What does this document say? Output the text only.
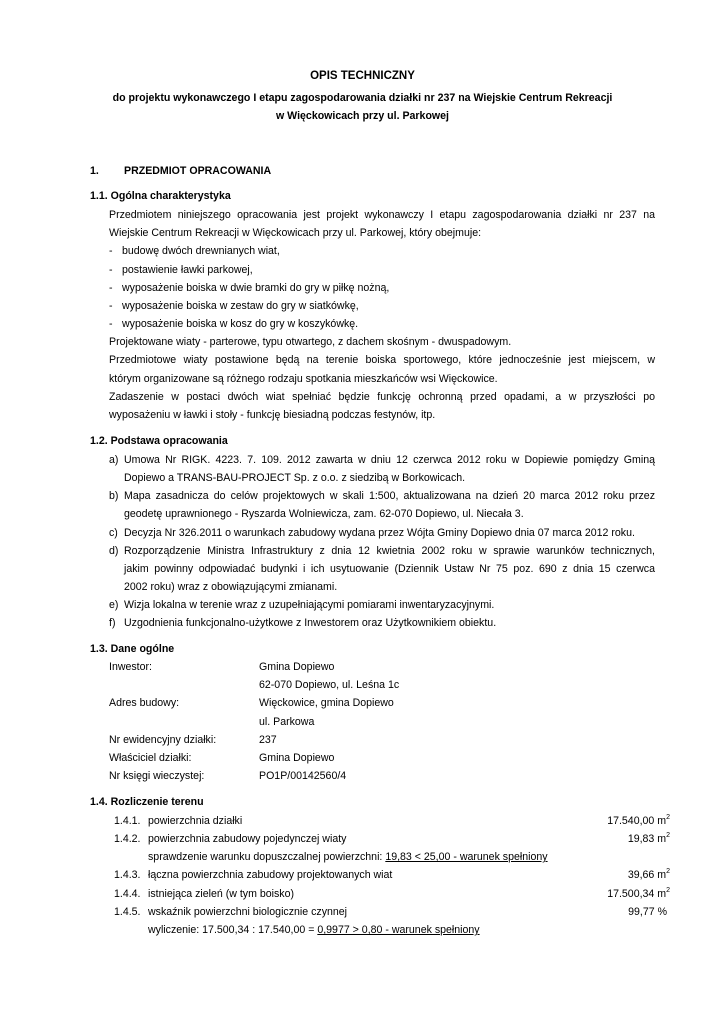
OPIS TECHNICZNY
do projektu wykonawczego I etapu zagospodarowania działki nr 237 na Wiejskie Centrum Rekreacji
w Więckowicach przy ul. Parkowej
1. PRZEDMIOT OPRACOWANIA
1.1. Ogólna charakterystyka
Przedmiotem niniejszego opracowania jest projekt wykonawczy I etapu zagospodarowania działki nr 237 na
Wiejskie Centrum Rekreacji w Więckowicach przy ul. Parkowej, który obejmuje:
- budowę dwóch drewnianych wiat,
- postawienie ławki parkowej,
- wyposażenie boiska w dwie bramki do gry w piłkę nożną,
- wyposażenie boiska w zestaw do gry w siatkówkę,
- wyposażenie boiska w kosz do gry w koszykówkę.
Projektowane wiaty - parterowe, typu otwartego, z dachem skośnym - dwuspadowym.
Przedmiotowe wiaty postawione będą na terenie boiska sportowego, które jednocześnie jest miejscem, w
którym organizowane są różnego rodzaju spotkania mieszkańców wsi Więckowice.
Zadaszenie w postaci dwóch wiat spełniać będzie funkcję ochronną przed opadami, a w przyszłości po
wyposażeniu w ławki i stoły - funkcję biesiadną podczas festynów, itp.
1.2. Podstawa opracowania
a) Umowa Nr RIGK. 4223. 7. 109. 2012 zawarta w dniu 12 czerwca 2012 roku w Dopiewie pomiędzy Gminą
Dopiewo a TRANS-BAU-PROJECT Sp. z o.o. z siedzibą w Borkowicach.
b) Mapa zasadnicza do celów projektowych w skali 1:500, aktualizowana na dzień 20 marca 2012 roku przez
geodetę uprawnionego - Ryszarda Wolniewicza, zam. 62-070 Dopiewo, ul. Niecała 3.
c) Decyzja Nr 326.2011 o warunkach zabudowy wydana przez Wójta Gminy Dopiewo dnia 07 marca 2012 roku.
d) Rozporządzenie Ministra Infrastruktury z dnia 12 kwietnia 2002 roku w sprawie warunków technicznych,
jakim powinny odpowiadać budynki i ich usytuowanie (Dziennik Ustaw Nr 75 poz. 690 z dnia 15 czerwca
2002 roku) wraz z obowiązującymi zmianami.
e) Wizja lokalna w terenie wraz z uzupełniającymi pomiarami inwentaryzacyjnymi.
f) Uzgodnienia funkcjonalno-użytkowe z Inwestorem oraz Użytkownikiem obiektu.
1.3. Dane ogólne
Inwestor:	Gmina Dopiewo
62-070 Dopiewo, ul. Leśna 1c
Adres budowy:	Więckowice, gmina Dopiewo
ul. Parkowa
Nr ewidencyjny działki:	237
Właściciel działki:	Gmina Dopiewo
Nr księgi wieczystej:	PO1P/00142560/4
1.4. Rozliczenie terenu
1.4.1. powierzchnia działki	17.540,00 $m^2$
1.4.2. powierzchnia zabudowy pojedynczej wiaty	19,83 $m^2$
sprawdzenie warunku dopuszczalnej powierzchni: 19,83 < 25,00 - warunek spełniony
1.4.3. łączna powierzchnia zabudowy projektowanych wiat	39,66 $m^2$
1.4.4. istniejąca zieleń (w tym boisko)	17.500,34 $m^2$
1.4.5. wskaźnik powierzchni biologicznie czynnej	99,77 %
wyliczenie: 17.500,34 : 17.540,00 = 0,9977 > 0,80 - warunek spełniony
